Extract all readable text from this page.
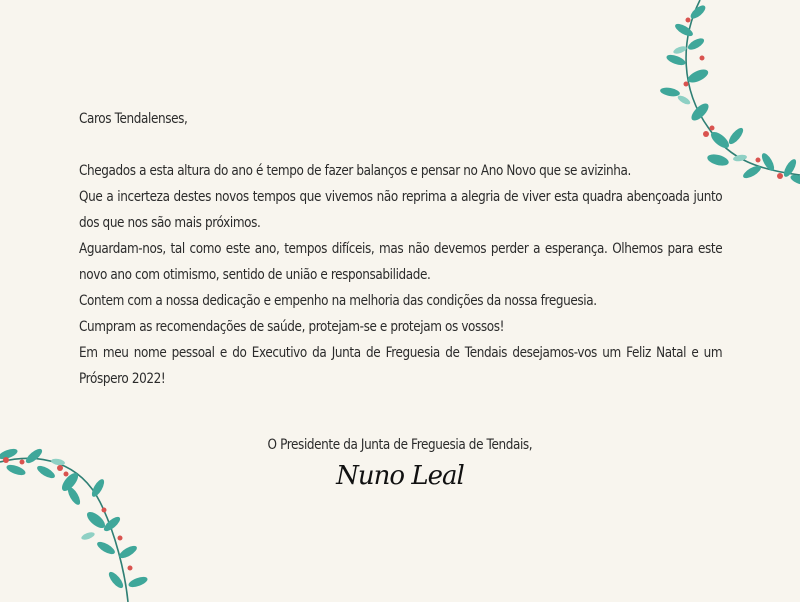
Caros Tendalenses,
Chegados a esta altura do ano é tempo de fazer balanços e pensar no Ano Novo que se avizinha.
Que a incerteza destes novos tempos que vivemos não reprima a alegria de viver esta quadra abençoada junto dos que nos são mais próximos.
Aguardam-nos, tal como este ano, tempos difíceis, mas não devemos perder a esperança. Olhemos para este novo ano com otimismo, sentido de união e responsabilidade.
Contem com a nossa dedicação e empenho na melhoria das condições da nossa freguesia.
Cumpram as recomendações de saúde, protejam-se e protejam os vossos!
Em meu nome pessoal e do Executivo da Junta de Freguesia de Tendais desejamos-vos um Feliz Natal e um Próspero 2022!
O Presidente da Junta de Freguesia de Tendais,
Nuno Leal
